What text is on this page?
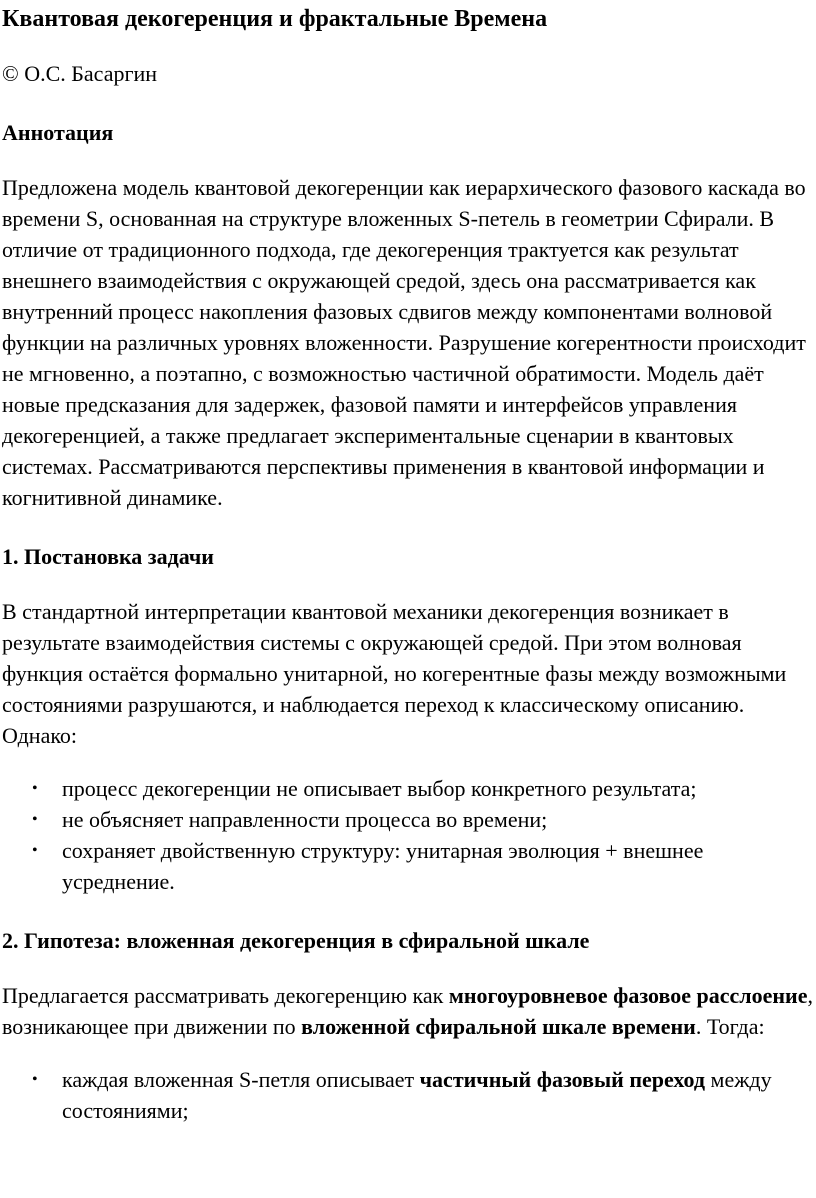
Квантовая декогеренция и фрактальные Времена

© О.С. Басаргин

Аннотация

Предложена модель квантовой декогеренции как иерархического фазового каскада во времени S, основанная на структуре вложенных S-петель в геометрии Сфирали. В отличие от традиционного подхода, где декогеренция трактуется как результат внешнего взаимодействия с окружающей средой, здесь она рассматривается как внутренний процесс накопления фазовых сдвигов между компонентами волновой функции на различных уровнях вложенности. Разрушение когерентности происходит не мгновенно, а поэтапно, с возможностью частичной обратимости. Модель даёт новые предсказания для задержек, фазовой памяти и интерфейсов управления декогеренцией, а также предлагает экспериментальные сценарии в квантовых системах. Рассматриваются перспективы применения в квантовой информации и когнитивной динамике.

1. Постановка задачи

В стандартной интерпретации квантовой механики декогеренция возникает в результате взаимодействия системы с окружающей средой. При этом волновая функция остаётся формально унитарной, но когерентные фазы между возможными состояниями разрушаются, и наблюдается переход к классическому описанию. Однако:

• процесс декогеренции не описывает выбор конкретного результата;
• не объясняет направленности процесса во времени;
• сохраняет двойственную структуру: унитарная эволюция + внешнее усреднение.
2. Гипотеза: вложенная декогеренция в сфиральной шкале

Предлагается рассматривать декогеренцию как многоуровневое фазовое расслоение, возникающее при движении по вложенной сфиральной шкале времени. Тогда:

• каждая вложенная S-петля описывает частичный фазовый переход между состояниями;
